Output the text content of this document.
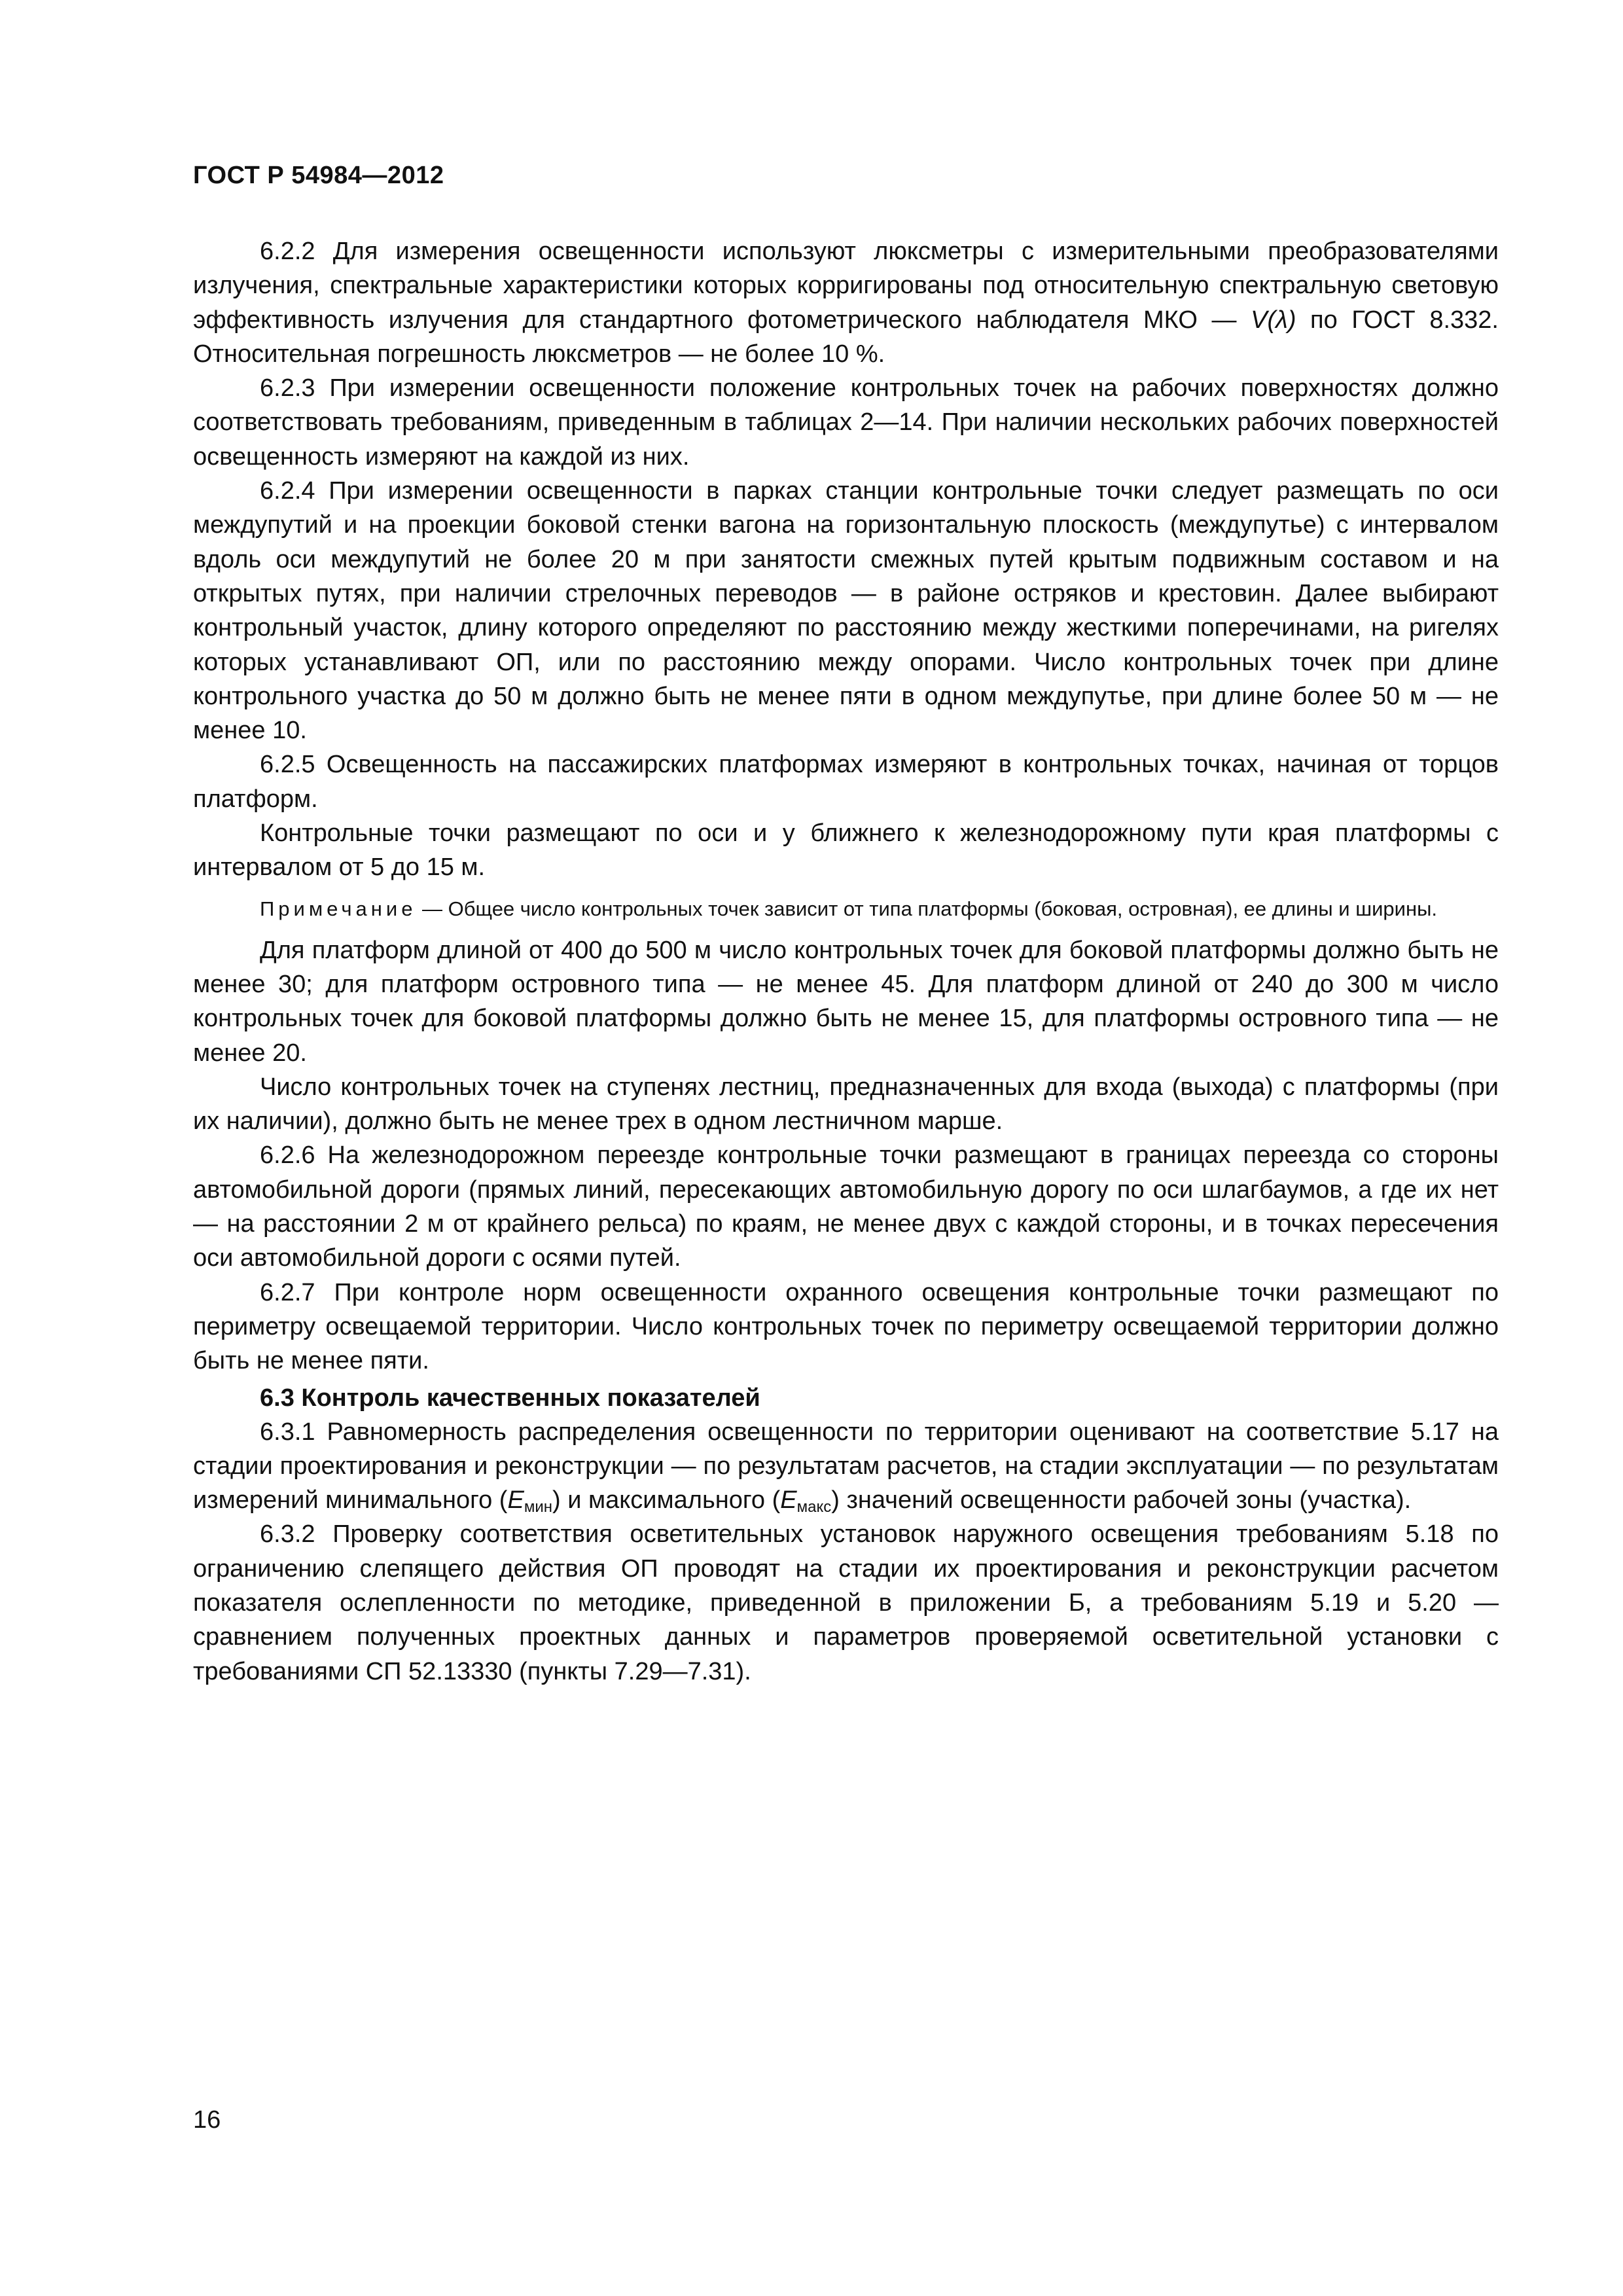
ГОСТ Р 54984—2012

6.2.2 Для измерения освещенности используют люксметры с измерительными преобразователями излучения, спектральные характеристики которых корригированы под относительную спектральную световую эффективность излучения для стандартного фотометрического наблюдателя МКО — V(λ) по ГОСТ 8.332. Относительная погрешность люксметров — не более 10 %.

6.2.3 При измерении освещенности положение контрольных точек на рабочих поверхностях должно соответствовать требованиям, приведенным в таблицах 2—14. При наличии нескольких рабочих поверхностей освещенность измеряют на каждой из них.

6.2.4 При измерении освещенности в парках станции контрольные точки следует размещать по оси междупутий и на проекции боковой стенки вагона на горизонтальную плоскость (междупутье) с интервалом вдоль оси междупутий не более 20 м при занятости смежных путей крытым подвижным составом и на открытых путях, при наличии стрелочных переводов — в районе остряков и крестовин. Далее выбирают контрольный участок, длину которого определяют по расстоянию между жесткими поперечинами, на ригелях которых устанавливают ОП, или по расстоянию между опорами. Число контрольных точек при длине контрольного участка до 50 м должно быть не менее пяти в одном междупутье, при длине более 50 м — не менее 10.

6.2.5 Освещенность на пассажирских платформах измеряют в контрольных точках, начиная от торцов платформ.

Контрольные точки размещают по оси и у ближнего к железнодорожному пути края платформы с интервалом от 5 до 15 м.

Примечание — Общее число контрольных точек зависит от типа платформы (боковая, островная), ее длины и ширины.

Для платформ длиной от 400 до 500 м число контрольных точек для боковой платформы должно быть не менее 30; для платформ островного типа — не менее 45. Для платформ длиной от 240 до 300 м число контрольных точек для боковой платформы должно быть не менее 15, для платформы островного типа — не менее 20.

Число контрольных точек на ступенях лестниц, предназначенных для входа (выхода) с платформы (при их наличии), должно быть не менее трех в одном лестничном марше.

6.2.6 На железнодорожном переезде контрольные точки размещают в границах переезда со стороны автомобильной дороги (прямых линий, пересекающих автомобильную дорогу по оси шлагбаумов, а где их нет — на расстоянии 2 м от крайнего рельса) по краям, не менее двух с каждой стороны, и в точках пересечения оси автомобильной дороги с осями путей.

6.2.7 При контроле норм освещенности охранного освещения контрольные точки размещают по периметру освещаемой территории. Число контрольных точек по периметру освещаемой территории должно быть не менее пяти.

6.3 Контроль качественных показателей

6.3.1 Равномерность распределения освещенности по территории оценивают на соответствие 5.17 на стадии проектирования и реконструкции — по результатам расчетов, на стадии эксплуатации — по результатам измерений минимального $(E_{мин})$ и максимального $(E_{макс})$ значений освещенности рабочей зоны (участка).

6.3.2 Проверку соответствия осветительных установок наружного освещения требованиям 5.18 по ограничению слепящего действия ОП проводят на стадии их проектирования и реконструкции расчетом показателя ослепленности по методике, приведенной в приложении Б, а требованиям 5.19 и 5.20 — сравнением полученных проектных данных и параметров проверяемой осветительной установки с требованиями СП 52.13330 (пункты 7.29—7.31).

16
